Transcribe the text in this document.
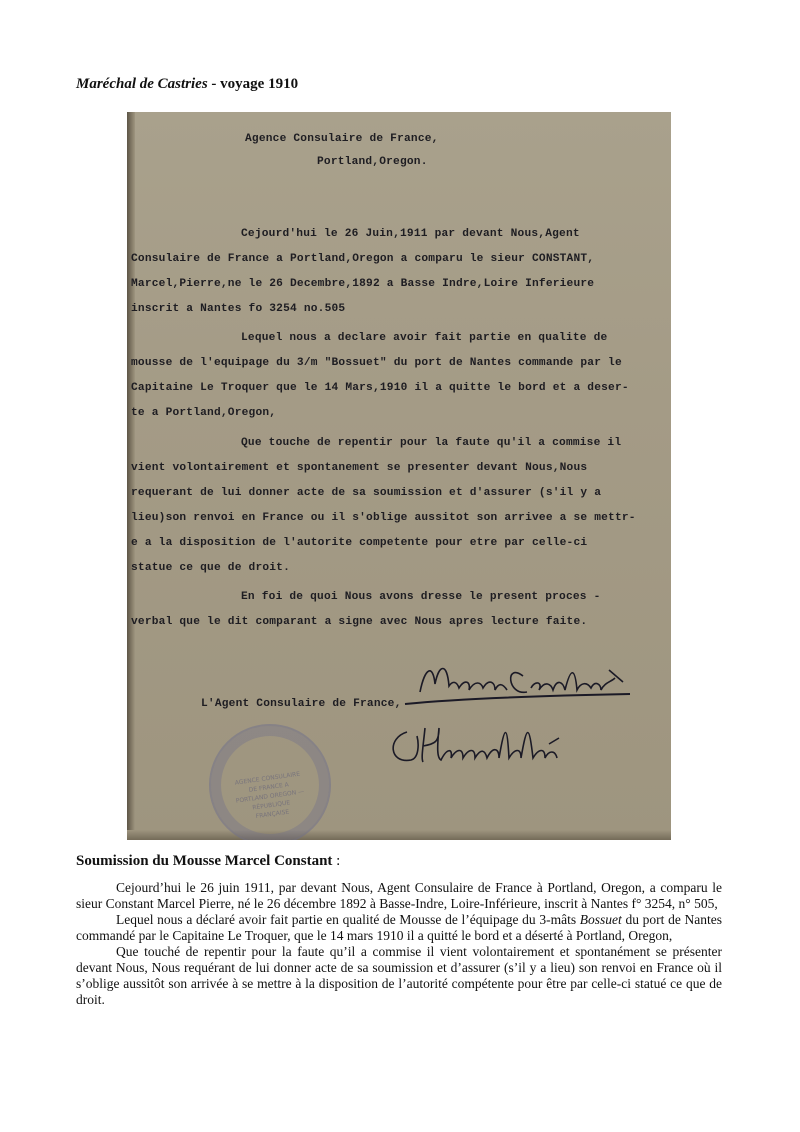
Maréchal de Castries - voyage 1910

Agence Consulaire de France,

Portland,Oregon.

Cejourd'hui le 26 Juin,1911 par devant Nous,Agent

Consulaire de France a Portland,Oregon a comparu le sieur CONSTANT,

Marcel,Pierre,ne le 26 Decembre,1892 a Basse Indre,Loire Inferieure

inscrit a Nantes fo 3254 no.505

Lequel nous a declare avoir fait partie en qualite de

mousse de l'equipage du 3/m "Bossuet" du port de Nantes commande par le

Capitaine Le Troquer que le 14 Mars,1910 il a quitte le bord et a deser-

te a Portland,Oregon,

Que touche de repentir pour la faute qu'il a commise il

vient volontairement et spontanement se presenter devant Nous,Nous

requerant de lui donner acte de sa soumission et d'assurer (s'il y a

lieu)son renvoi en France ou il s'oblige aussitot son arrivee a se mettr-

e a la disposition de l'autorite competente pour etre par celle-ci

statue ce que de droit.

En foi de quoi Nous avons dresse le present proces -

verbal que le dit comparant a signe avec Nous apres lecture faite.

L'Agent Consulaire de France,

AGENCE CONSULAIRE DE FRANCE A PORTLAND OREGON — RÉPUBLIQUE FRANÇAISE
Soumission du Mousse Marcel Constant :

Cejourd’hui le 26 juin 1911, par devant Nous, Agent Consulaire de France à Portland, Oregon, a comparu le sieur Constant Marcel Pierre, né le 26 décembre 1892 à Basse-Indre, Loire-Inférieure, inscrit à Nantes f° 3254, n° 505,

Lequel nous a déclaré avoir fait partie en qualité de Mousse de l’équipage du 3-mâts Bossuet du port de Nantes commandé par le Capitaine Le Troquer, que le 14 mars 1910 il a quitté le bord et a déserté à Portland, Oregon,

Que touché de repentir pour la faute qu’il a commise il vient volontairement et spontanément se présenter devant Nous, Nous requérant de lui donner acte de sa soumission et d’assurer (s’il y a lieu) son renvoi en France où il s’oblige aussitôt son arrivée à se mettre à la disposition de l’autorité compétente pour être par celle-ci statué ce que de droit.
